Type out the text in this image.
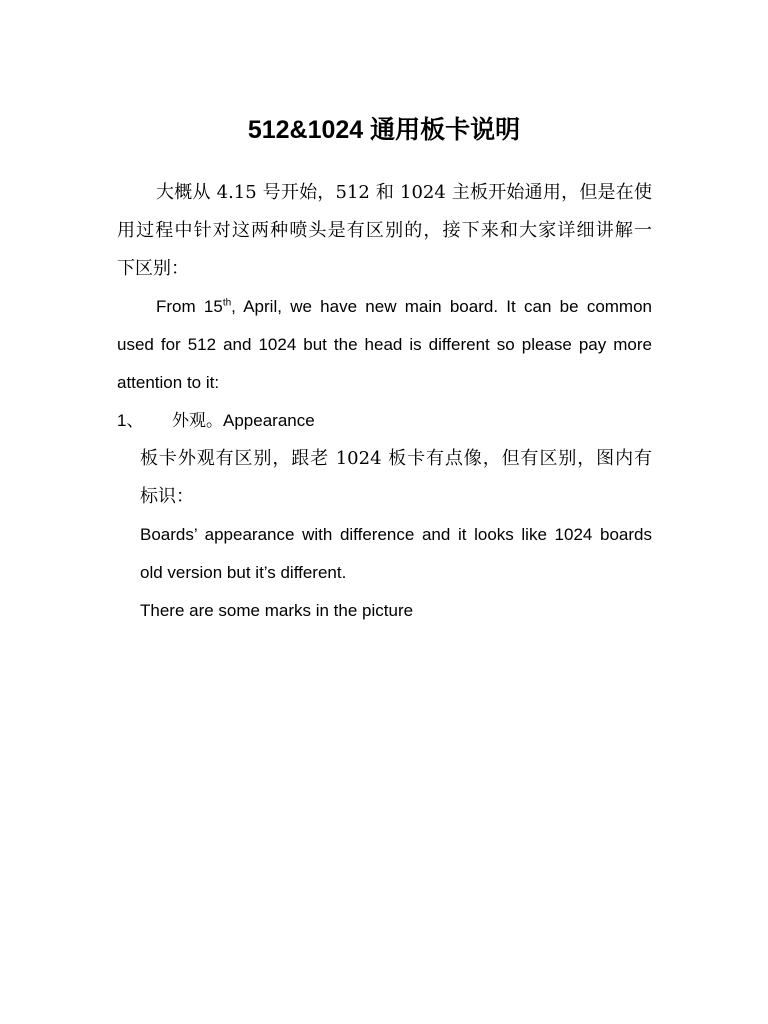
512&1024 通用板卡说明

大概从 4.15 号开始，512 和 1024 主板开始通用，但是在使

用过程中针对这两种喷头是有区别的，接下来和大家详细讲解一

下区别：

From 15th, April, we have new main board. It can be common

used for 512 and 1024 but the head is different so please pay more

attention to it:

1、 外观。Appearance

板卡外观有区别，跟老 1024 板卡有点像，但有区别，图内有

标识：

Boards’ appearance with difference and it looks like 1024 boards

old version but it’s different.

There are some marks in the picture
